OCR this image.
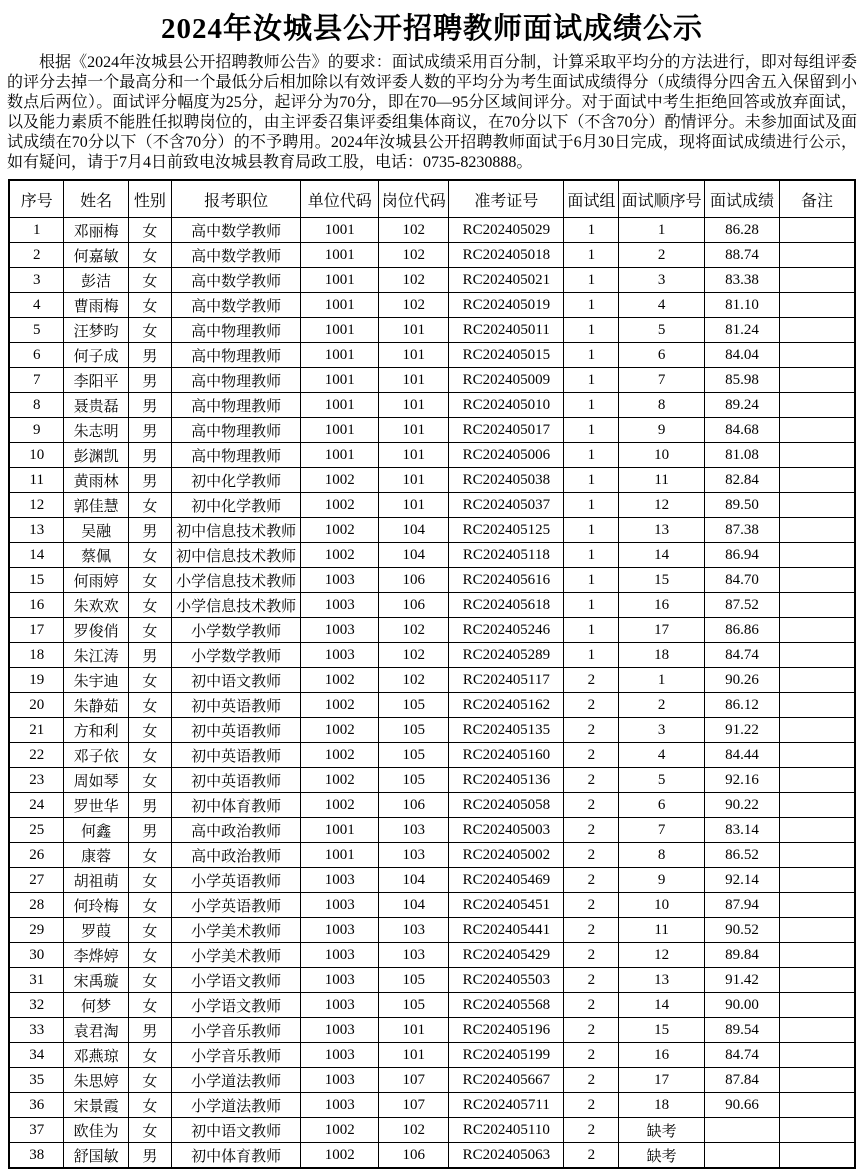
2024年汝城县公开招聘教师面试成绩公示

根据《2024年汝城县公开招聘教师公告》的要求：面试成绩采用百分制，计算采取平均分的方法进行，即对每组评委的评分去掉一个最高分和一个最低分后相加除以有效评委人数的平均分为考生面试成绩得分（成绩得分四舍五入保留到小数点后两位）。面试评分幅度为25分，起评分为70分，即在70—95分区域间评分。对于面试中考生拒绝回答或放弃面试，以及能力素质不能胜任拟聘岗位的，由主评委召集评委组集体商议，在70分以下（不含70分）酌情评分。未参加面试及面试成绩在70分以下（不含70分）的不予聘用。2024年汝城县公开招聘教师面试于6月30日完成，现将面试成绩进行公示，如有疑问，请于7月4日前致电汝城县教育局政工股，电话：0735-8230888。

序号	姓名	性别	报考职位	单位代码	岗位代码	准考证号	面试组	面试顺序号	面试成绩	备注
1	邓丽梅	女	高中数学教师	1001	102	RC202405029	1	1	86.28	
2	何嘉敏	女	高中数学教师	1001	102	RC202405018	1	2	88.74	
3	彭洁	女	高中数学教师	1001	102	RC202405021	1	3	83.38	
4	曹雨梅	女	高中数学教师	1001	102	RC202405019	1	4	81.10	
5	汪梦昀	女	高中物理教师	1001	101	RC202405011	1	5	81.24	
6	何子成	男	高中物理教师	1001	101	RC202405015	1	6	84.04	
7	李阳平	男	高中物理教师	1001	101	RC202405009	1	7	85.98	
8	聂贵磊	男	高中物理教师	1001	101	RC202405010	1	8	89.24	
9	朱志明	男	高中物理教师	1001	101	RC202405017	1	9	84.68	
10	彭渊凯	男	高中物理教师	1001	101	RC202405006	1	10	81.08	
11	黄雨林	男	初中化学教师	1002	101	RC202405038	1	11	82.84	
12	郭佳慧	女	初中化学教师	1002	101	RC202405037	1	12	89.50	
13	吴融	男	初中信息技术教师	1002	104	RC202405125	1	13	87.38	
14	蔡佩	女	初中信息技术教师	1002	104	RC202405118	1	14	86.94	
15	何雨婷	女	小学信息技术教师	1003	106	RC202405616	1	15	84.70	
16	朱欢欢	女	小学信息技术教师	1003	106	RC202405618	1	16	87.52	
17	罗俊俏	女	小学数学教师	1003	102	RC202405246	1	17	86.86	
18	朱江涛	男	小学数学教师	1003	102	RC202405289	1	18	84.74	
19	朱宇迪	女	初中语文教师	1002	102	RC202405117	2	1	90.26	
20	朱静茹	女	初中英语教师	1002	105	RC202405162	2	2	86.12	
21	方和利	女	初中英语教师	1002	105	RC202405135	2	3	91.22	
22	邓子依	女	初中英语教师	1002	105	RC202405160	2	4	84.44	
23	周如琴	女	初中英语教师	1002	105	RC202405136	2	5	92.16	
24	罗世华	男	初中体育教师	1002	106	RC202405058	2	6	90.22	
25	何鑫	男	高中政治教师	1001	103	RC202405003	2	7	83.14	
26	康蓉	女	高中政治教师	1001	103	RC202405002	2	8	86.52	
27	胡祖萌	女	小学英语教师	1003	104	RC202405469	2	9	92.14	
28	何玲梅	女	小学英语教师	1003	104	RC202405451	2	10	87.94	
29	罗葭	女	小学美术教师	1003	103	RC202405441	2	11	90.52	
30	李烨婷	女	小学美术教师	1003	103	RC202405429	2	12	89.84	
31	宋禹璇	女	小学语文教师	1003	105	RC202405503	2	13	91.42	
32	何梦	女	小学语文教师	1003	105	RC202405568	2	14	90.00	
33	袁君淘	男	小学音乐教师	1003	101	RC202405196	2	15	89.54	
34	邓燕琼	女	小学音乐教师	1003	101	RC202405199	2	16	84.74	
35	朱思婷	女	小学道法教师	1003	107	RC202405667	2	17	87.84	
36	宋景霞	女	小学道法教师	1003	107	RC202405711	2	18	90.66	
37	欧佳为	女	初中语文教师	1002	102	RC202405110	2	缺考		
38	舒国敏	男	初中体育教师	1002	106	RC202405063	2	缺考		
